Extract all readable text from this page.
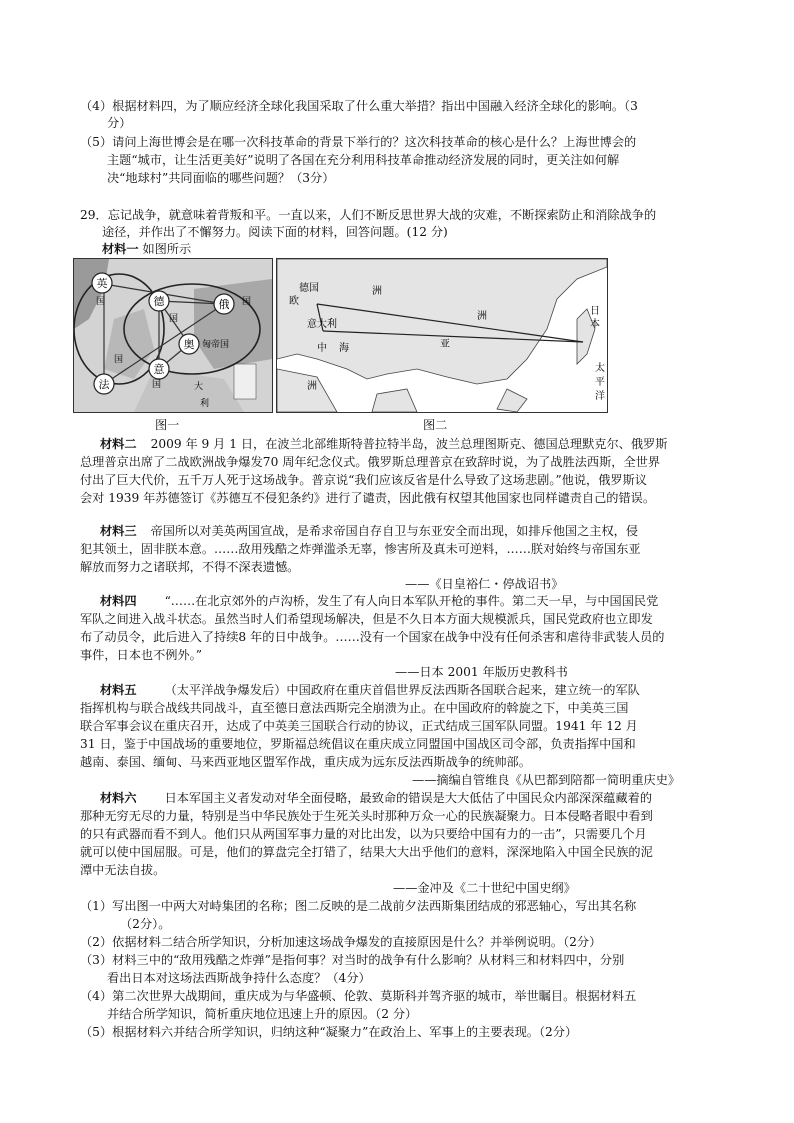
（4）根据材料四，为了顺应经济全球化我国采取了什么重大举措？指出中国融入经济全球化的影响。（3
分）
（5）请问上海世博会是在哪一次科技革命的背景下举行的？这次科技革命的核心是什么？上海世博会的
主题“城市，让生活更美好”说明了各国在充分利用科技革命推动经济发展的同时，更关注如何解
决“地球村”共同面临的哪些问题？（3分）
29．忘记战争，就意味着背叛和平。一直以来，人们不断反思世界大战的灾难，不断探索防止和消除战争的
途径，并作出了不懈努力。阅读下面的材料，回答问题。(12 分)
材料一 如图所示
英
德	俄
法
奥
意
国
国
国
国
匈帝国
国	大
利
欧
洲
德国
意大利
中 海	亚
洲
洲
日
本
太
平
洋
图一	图二
材料二 2009 年 9 月 1 日，在波兰北部维斯特普拉特半岛，波兰总理图斯克、德国总理默克尔、俄罗斯
总理普京出席了二战欧洲战争爆发70 周年纪念仪式。俄罗斯总理普京在致辞时说，为了战胜法西斯，全世界
付出了巨大代价，五千万人死于这场战争。普京说“我们应该反省是什么导致了这场悲剧。”他说，俄罗斯议
会对 1939 年苏德签订《苏德互不侵犯条约》进行了谴责，因此俄有权望其他国家也同样谴责自己的错误。
材料三 帝国所以对美英两国宣战，是希求帝国自存自卫与东亚安全而出现，如排斥他国之主权，侵
犯其领土，固非朕本意。……敌用残酷之炸弹滥杀无辜，惨害所及真未可逆料，……朕对始终与帝国东亚
解放而努力之诸联邦，不得不深表遗憾。
——《日皇裕仁・停战诏书》
材料四 “……在北京郊外的卢沟桥，发生了有人向日本军队开枪的事件。第二天一早，与中国国民党
军队之间进入战斗状态。虽然当时人们希望现场解决，但是不久日本方面大规模派兵，国民党政府也立即发
布了动员令，此后进入了持续8 年的日中战争。……没有一个国家在战争中没有任何杀害和虐待非武装人员的
事件，日本也不例外。”
——日本 2001 年版历史教科书
材料五 （太平洋战争爆发后）中国政府在重庆首倡世界反法西斯各国联合起来，建立统一的军队
指挥机构与联合战线共同战斗，直至德日意法西斯完全崩溃为止。在中国政府的斡旋之下，中美英三国
联合军事会议在重庆召开，达成了中英美三国联合行动的协议，正式结成三国军队同盟。1941 年 12 月
31 日，鉴于中国战场的重要地位，罗斯福总统倡议在重庆成立同盟国中国战区司令部，负责指挥中国和
越南、泰国、缅甸、马来西亚地区盟军作战，重庆成为远东反法西斯战争的统帅部。
——摘编自管维良《从巴都到陪都一简明重庆史》
材料六 日本军国主义者发动对华全面侵略，最致命的错误是大大低估了中国民众内部深深蕴藏着的
那种无穷无尽的力量，特别是当中华民族处于生死关头时那种万众一心的民族凝聚力。日本侵略者眼中看到
的只有武器而看不到人。他们只从两国军事力量的对比出发，以为只要给中国有力的一击”，只需要几个月
就可以使中国屈服。可是，他们的算盘完全打错了，结果大大出乎他们的意料，深深地陷入中国全民族的泥
潭中无法自拔。
——金冲及《二十世纪中国史纲》
（1）写出图一中两大对峙集团的名称；图二反映的是二战前夕法西斯集团结成的邪恶轴心，写出其名称
（2分）。
（2）依据材料二结合所学知识，分析加速这场战争爆发的直接原因是什么？并举例说明。（2分）
（3）材料三中的“敌用残酷之炸弹”是指何事？对当时的战争有什么影响？从材料三和材料四中，分别
看出日本对这场法西斯战争持什么态度？（4分）
（4）第二次世界大战期间，重庆成为与华盛顿、伦敦、莫斯科并驾齐驱的城市，举世瞩目。根据材料五
并结合所学知识，简析重庆地位迅速上升的原因。（2 分）
（5）根据材料六并结合所学知识，归纳这种“凝聚力”在政治上、军事上的主要表现。（2分）
